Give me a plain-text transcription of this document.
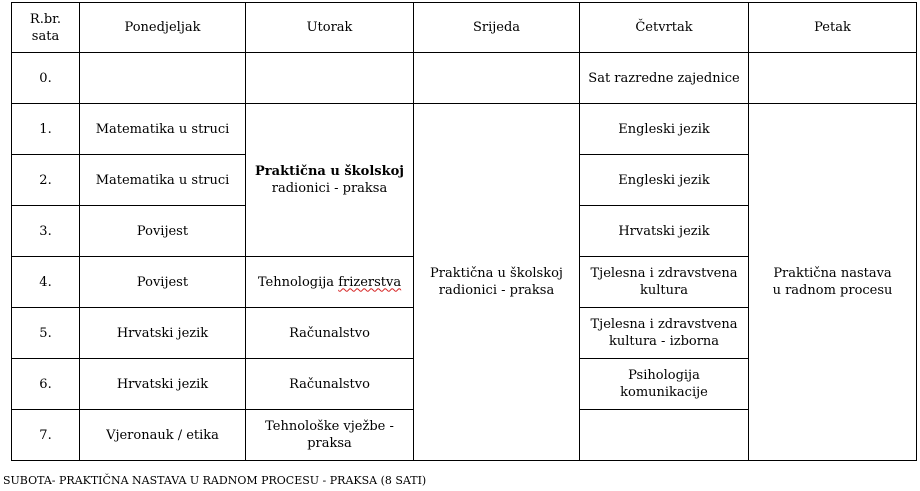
R.br.
sata	Ponedjeljak	Utorak	Srijeda	Četvrtak	Petak
0.				Sat razredne zajednice	
1.	Matematika u struci	Praktična u školskoj
radionici - praksa	Praktična u školskoj
radionici - praksa	Engleski jezik	Praktična nastava
u radnom procesu
2.	Matematika u struci			Engleski jezik	
3.	Povijest			Hrvatski jezik	
4.	Povijest	Tehnologija frizerstva		Tjelesna i zdravstvena
kultura	
5.	Hrvatski jezik	Računalstvo		Tjelesna i zdravstvena
kultura - izborna	
6.	Hrvatski jezik	Računalstvo		Psihologija komunikacije	
7.	Vjeronauk / etika	Tehnološke vježbe -
praksa			
SUBOTA- PRAKTIČNA NASTAVA U RADNOM PROCESU - PRAKSA (8 SATI)
